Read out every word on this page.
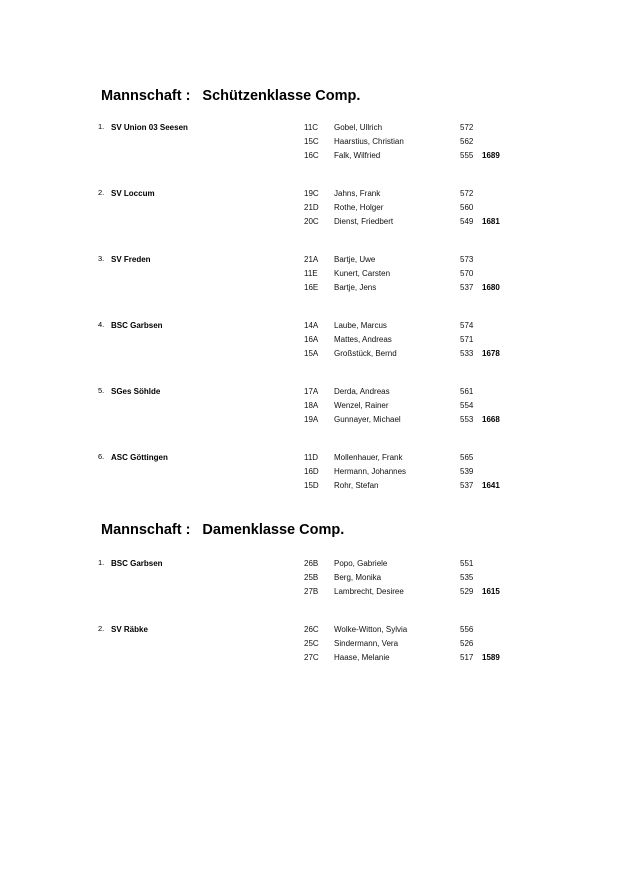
Mannschaft : Schützenklasse Comp.
1. SV Union 03 Seesen	11C Gobel, Ullrich	572
15C Haarstius, Christian	562
16C Falk, Wilfried	555 1689
2. SV Loccum	19C Jahns, Frank	572
21D Rothe, Holger	560
20C Dienst, Friedbert	549 1681
3. SV Freden	21A Bartje, Uwe	573
11E Kunert, Carsten	570
16E Bartje, Jens	537 1680
4. BSC Garbsen	14A Laube, Marcus	574
16A Mattes, Andreas	571
15A Großstück, Bernd	533 1678
5. SGes Söhlde	17A Derda, Andreas	561
18A Wenzel, Rainer	554
19A Gunnayer, Michael	553 1668
6. ASC Göttingen	11D Mollenhauer, Frank	565
16D Hermann, Johannes	539
15D Rohr, Stefan	537 1641
Mannschaft : Damenklasse Comp.
1. BSC Garbsen	26B Popo, Gabriele	551
25B Berg, Monika	535
27B Lambrecht, Desiree	529 1615
2. SV Räbke	26C Wolke-Witton, Sylvia	556
25C Sindermann, Vera	526
27C Haase, Melanie	517 1589
